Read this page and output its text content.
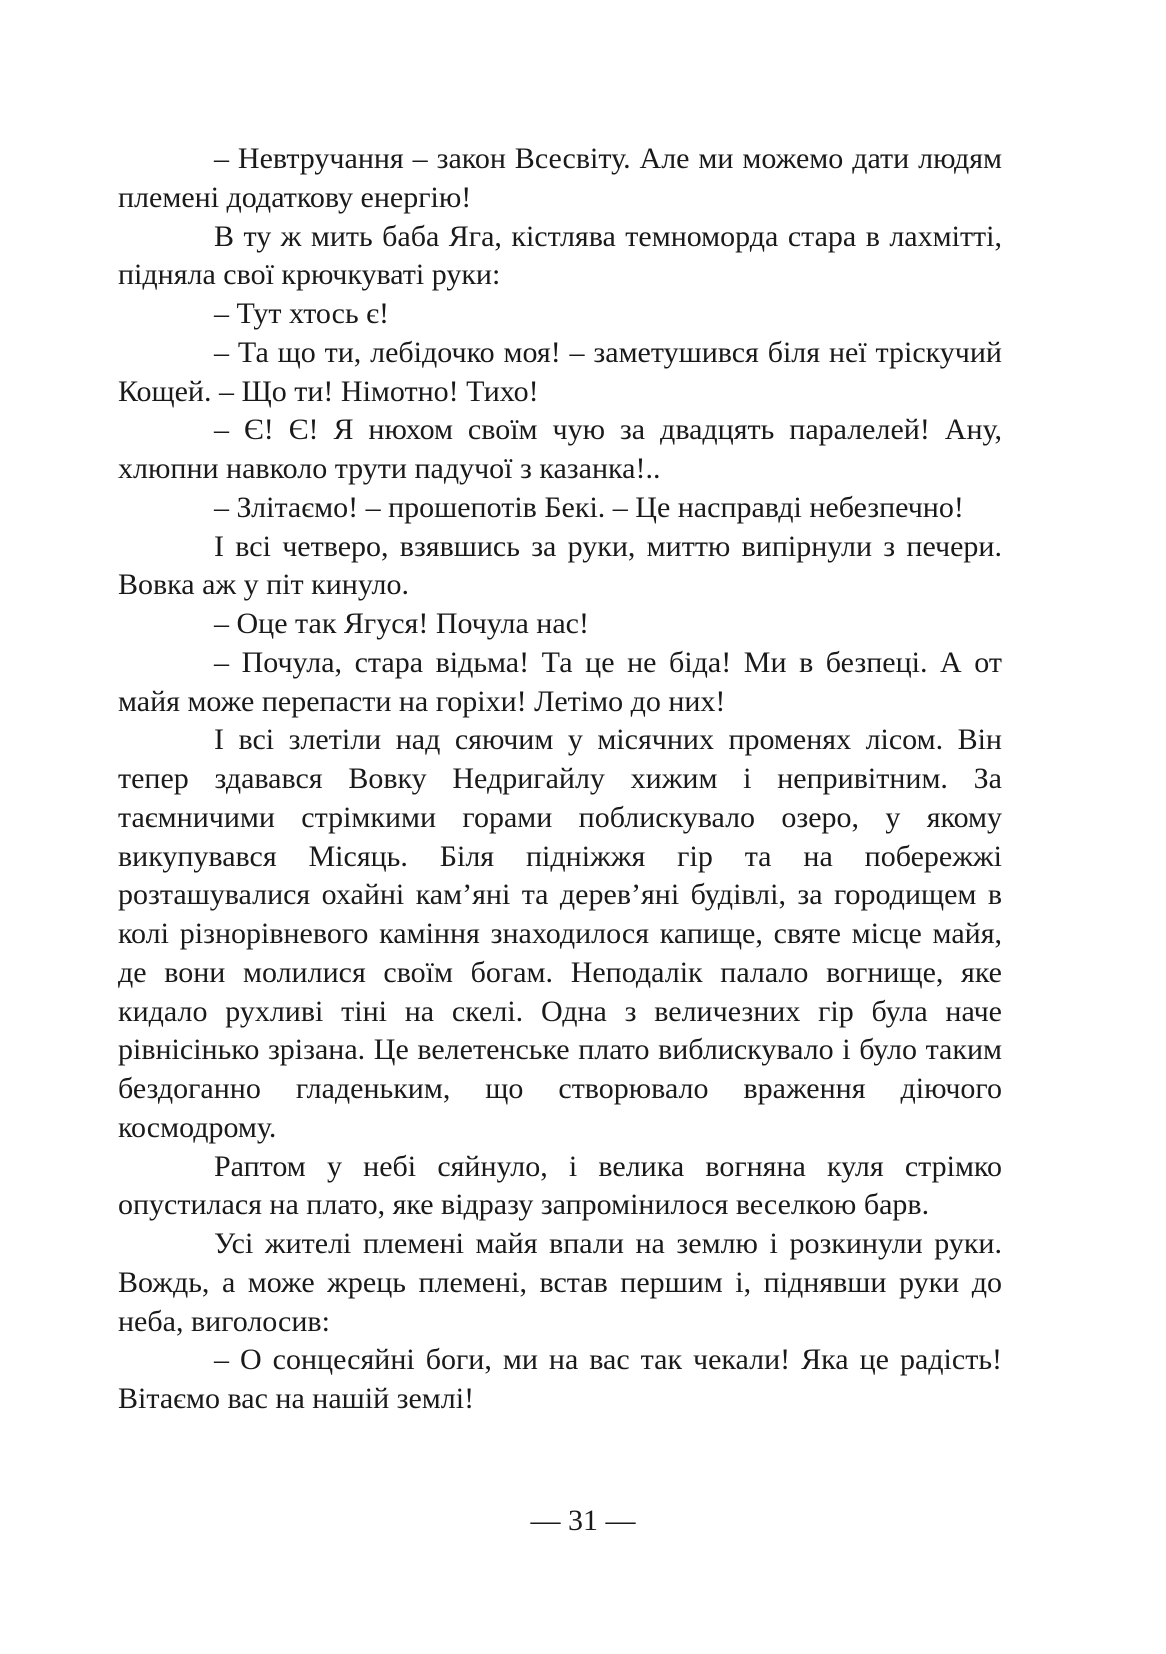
– Невтручання – закон Всесвіту. Але ми можемо дати людям племені додаткову енергію!

В ту ж мить баба Яга, кістлява темноморда стара в лахмітті, підняла свої крючкуваті руки:

– Тут хтось є!

– Та що ти, лебідочко моя! – заметушився біля неї тріскучий Кощей. – Що ти! Німотно! Тихо!

– Є! Є! Я нюхом своїм чую за двадцять паралелей! Ану, хлюпни навколо трути падучої з казанка!..

– Злітаємо! – прошепотів Бекі. – Це насправді небезпечно!

І всі четверо, взявшись за руки, миттю випірнули з печери. Вовка аж у піт кинуло.

– Оце так Ягуся! Почула нас!

– Почула, стара відьма! Та це не біда! Ми в безпеці. А от майя може перепасти на горіхи! Летімо до них!

І всі злетіли над сяючим у місячних променях лісом. Він тепер здавався Вовку Недригайлу хижим і непривітним. За таємничими стрімкими горами поблискувало озеро, у якому викупувався Місяць. Біля підніжжя гір та на побережжі розташувалися охайні кам’яні та дерев’яні будівлі, за городищем в колі різнорівневого каміння знаходилося капище, святе місце майя, де вони молилися своїм богам. Неподалік палало вогнище, яке кидало рухливі тіні на скелі. Одна з величезних гір була наче рівнісінько зрізана. Це велетенське плато виблискувало і було таким бездоганно гладеньким, що створювало враження діючого космодрому.

Раптом у небі сяйнуло, і велика вогняна куля стрімко опустилася на плато, яке відразу запромінилося веселкою барв.

Усі жителі племені майя впали на землю і розкинули руки. Вождь, а може жрець племені, встав першим і, піднявши руки до неба, виголосив:

– О сонцесяйні боги, ми на вас так чекали! Яка це радість! Вітаємо вас на нашій землі!

— 31 —
